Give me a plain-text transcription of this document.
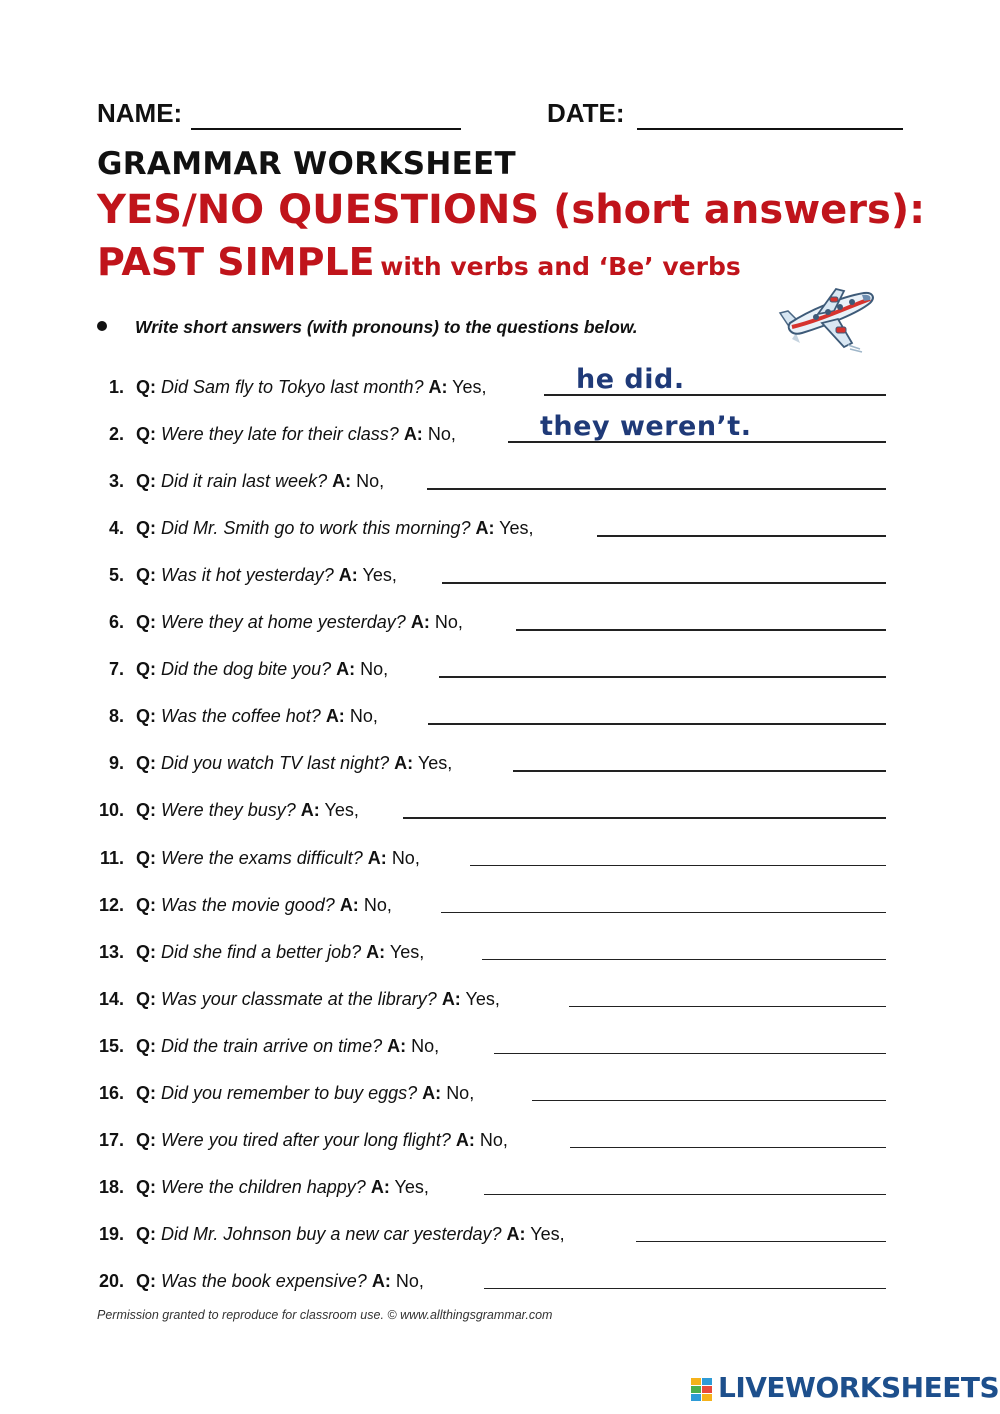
NAME:	DATE:
GRAMMAR WORKSHEET
YES/NO QUESTIONS (short answers):
PAST SIMPLE with verbs and ‘Be’ verbs
Write short answers (with pronouns) to the questions below.
1. Q: Did Sam fly to Tokyo last month? A: Yes,	he did.
2. Q: Were they late for their class? A: No,	they weren’t.
3. Q: Did it rain last week? A: No,
4. Q: Did Mr. Smith go to work this morning? A: Yes,
5. Q: Was it hot yesterday? A: Yes,
6. Q: Were they at home yesterday? A: No,
7. Q: Did the dog bite you? A: No,
8. Q: Was the coffee hot? A: No,
9. Q: Did you watch TV last night? A: Yes,
10. Q: Were they busy? A: Yes,
11. Q: Were the exams difficult? A: No,
12. Q: Was the movie good? A: No,
13. Q: Did she find a better job? A: Yes,
14. Q: Was your classmate at the library? A: Yes,
15. Q: Did the train arrive on time? A: No,
16. Q: Did you remember to buy eggs? A: No,
17. Q: Were you tired after your long flight? A: No,
18. Q: Were the children happy? A: Yes,
19. Q: Did Mr. Johnson buy a new car yesterday? A: Yes,
20. Q: Was the book expensive? A: No,
Permission granted to reproduce for classroom use. © www.allthingsgrammar.com
LIVEWORKSHEETS
